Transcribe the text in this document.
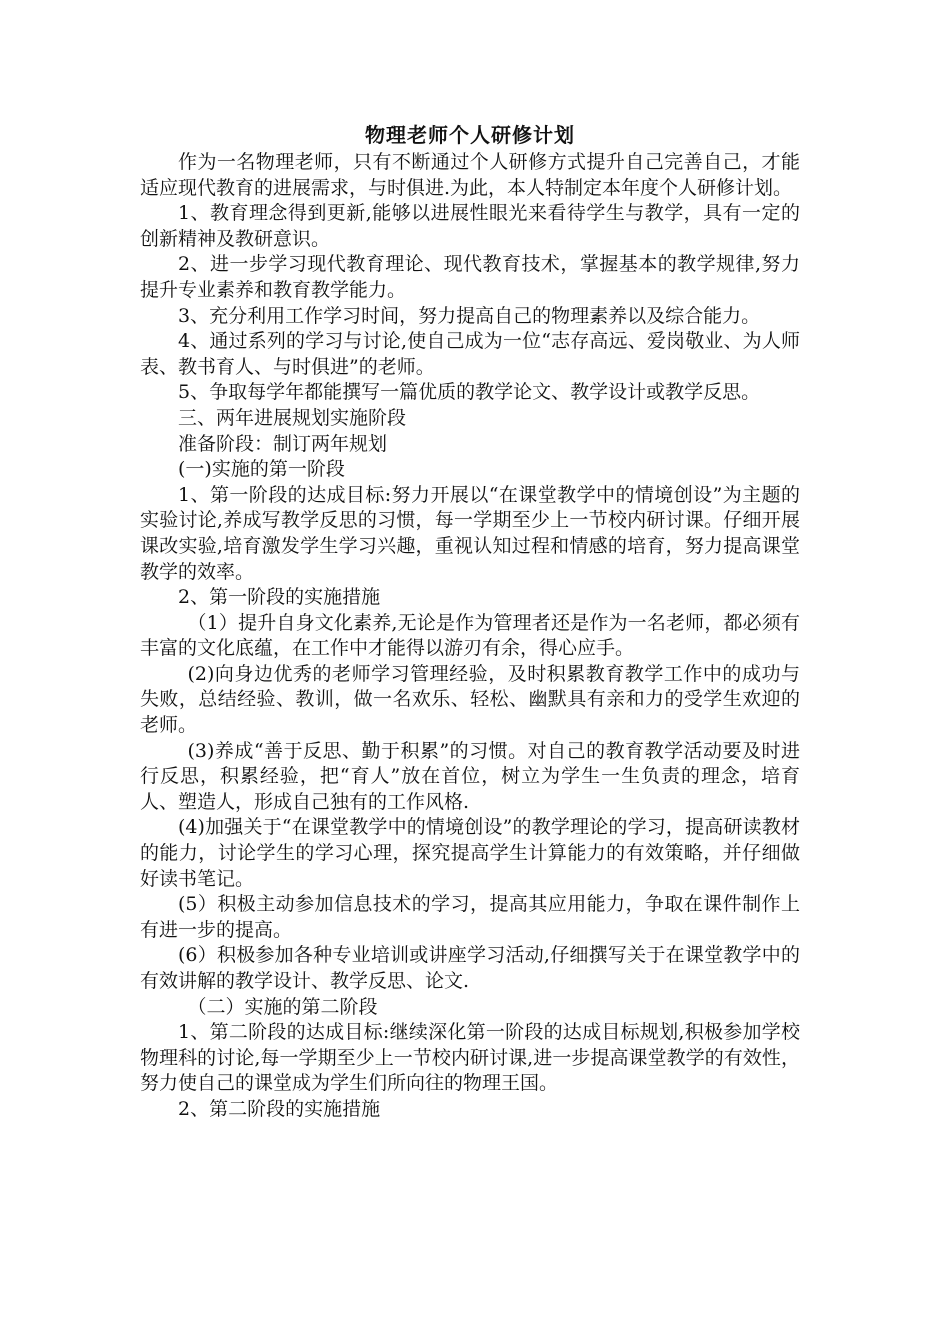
物理老师个人研修计划

作为一名物理老师，只有不断通过个人研修方式提升自己完善自己，才能适应现代教育的进展需求，与时俱进.为此，本人特制定本年度个人研修计划。

1、教育理念得到更新,能够以进展性眼光来看待学生与教学，具有一定的创新精神及教研意识。

2、进一步学习现代教育理论、现代教育技术，掌握基本的教学规律,努力提升专业素养和教育教学能力。

3、充分利用工作学习时间，努力提高自己的物理素养以及综合能力。

4、通过系列的学习与讨论,使自己成为一位“志存高远、爱岗敬业、为人师表、教书育人、与时俱进”的老师。

5、争取每学年都能撰写一篇优质的教学论文、教学设计或教学反思。

三、两年进展规划实施阶段

准备阶段：制订两年规划

(一)实施的第一阶段

1、第一阶段的达成目标:努力开展以“在课堂教学中的情境创设”为主题的实验讨论,养成写教学反思的习惯，每一学期至少上一节校内研讨课。仔细开展课改实验,培育激发学生学习兴趣，重视认知过程和情感的培育，努力提高课堂教学的效率。

2、第一阶段的实施措施

（1）提升自身文化素养,无论是作为管理者还是作为一名老师，都必须有丰富的文化底蕴，在工作中才能得以游刃有余，得心应手。

(2)向身边优秀的老师学习管理经验，及时积累教育教学工作中的成功与失败，总结经验、教训，做一名欢乐、轻松、幽默具有亲和力的受学生欢迎的老师。

(3)养成“善于反思、勤于积累”的习惯。对自己的教育教学活动要及时进行反思，积累经验，把“育人”放在首位，树立为学生一生负责的理念，培育人、塑造人，形成自己独有的工作风格.

(4)加强关于“在课堂教学中的情境创设”的教学理论的学习，提高研读教材的能力，讨论学生的学习心理，探究提高学生计算能力的有效策略，并仔细做好读书笔记。

(5）积极主动参加信息技术的学习，提高其应用能力，争取在课件制作上有进一步的提高。

(6）积极参加各种专业培训或讲座学习活动,仔细撰写关于在课堂教学中的有效讲解的教学设计、教学反思、论文.

（二）实施的第二阶段

1、第二阶段的达成目标:继续深化第一阶段的达成目标规划,积极参加学校物理科的讨论,每一学期至少上一节校内研讨课,进一步提高课堂教学的有效性，努力使自己的课堂成为学生们所向往的物理王国。

2、第二阶段的实施措施
